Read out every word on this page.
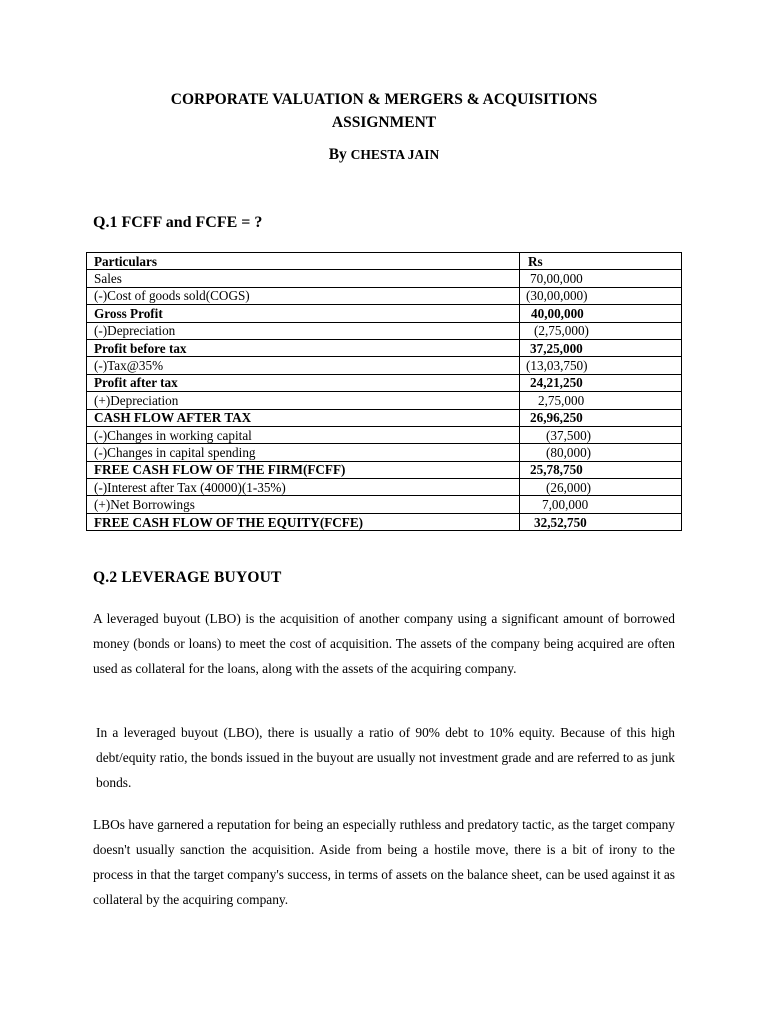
CORPORATE VALUATION & MERGERS & ACQUISITIONS
ASSIGNMENT
By CHESTA JAIN
Q.1 FCFF and FCFE = ?
Particulars	Rs
Sales	70,00,000
(-)Cost of goods sold(COGS)	(30,00,000)
Gross Profit	40,00,000
(-)Depreciation	(2,75,000)
Profit before tax	37,25,000
(-)Tax@35%	(13,03,750)
Profit after tax	24,21,250
(+)Depreciation	2,75,000
CASH FLOW AFTER TAX	26,96,250
(-)Changes in working capital	(37,500)
(-)Changes in capital spending	(80,000)
FREE CASH FLOW OF THE FIRM(FCFF)	25,78,750
(-)Interest after Tax (40000)(1-35%)	(26,000)
(+)Net Borrowings	7,00,000
FREE CASH FLOW OF THE EQUITY(FCFE)	32,52,750
Q.2 LEVERAGE BUYOUT
A leveraged buyout (LBO) is the acquisition of another company using a significant amount of borrowed money (bonds or loans) to meet the cost of acquisition. The assets of the company being acquired are often used as collateral for the loans, along with the assets of the acquiring company.
In a leveraged buyout (LBO), there is usually a ratio of 90% debt to 10% equity. Because of this high debt/equity ratio, the bonds issued in the buyout are usually not investment grade and are referred to as junk bonds.
LBOs have garnered a reputation for being an especially ruthless and predatory tactic, as the target company doesn't usually sanction the acquisition. Aside from being a hostile move, there is a bit of irony to the process in that the target company's success, in terms of assets on the balance sheet, can be used against it as collateral by the acquiring company.
